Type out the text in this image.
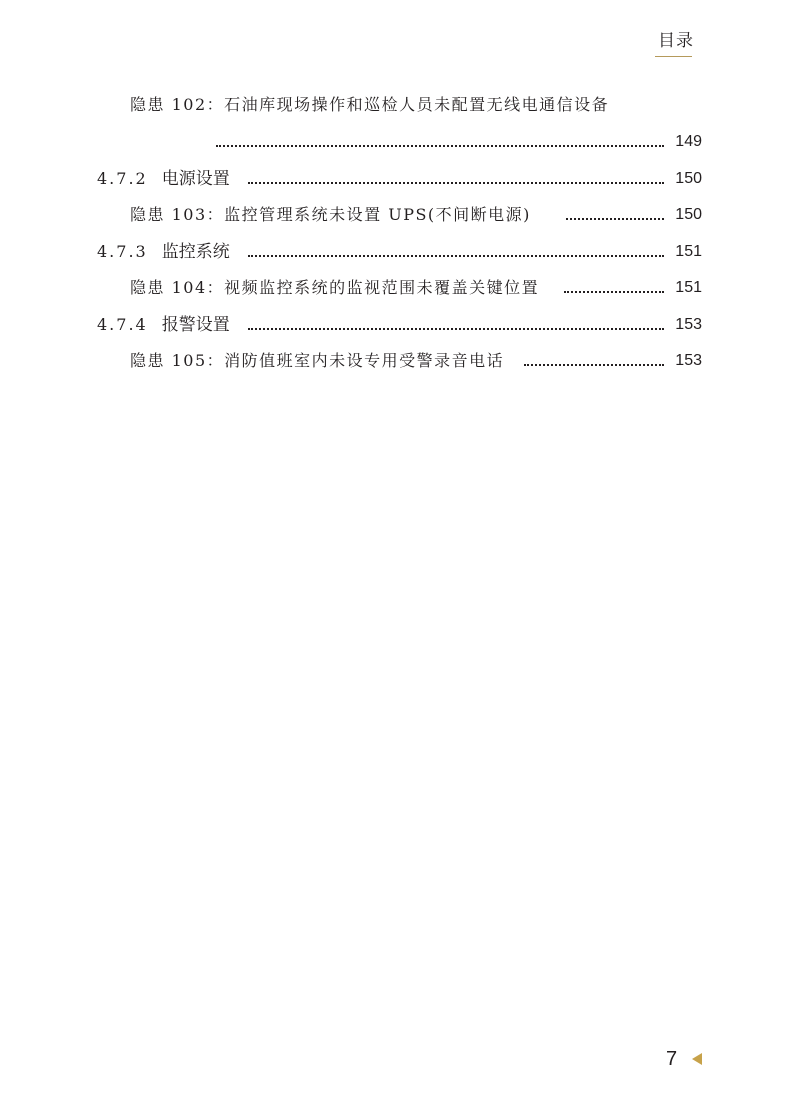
目录
隐患 102：石油库现场操作和巡检人员未配置无线电通信设备
149
4.7.2 电源设置	150
隐患 103：监控管理系统未设置 UPS(不间断电源)	150
4.7.3 监控系统	151
隐患 104：视频监控系统的监视范围未覆盖关键位置	151
4.7.4 报警设置	153
隐患 105：消防值班室内未设专用受警录音电话	153
7
